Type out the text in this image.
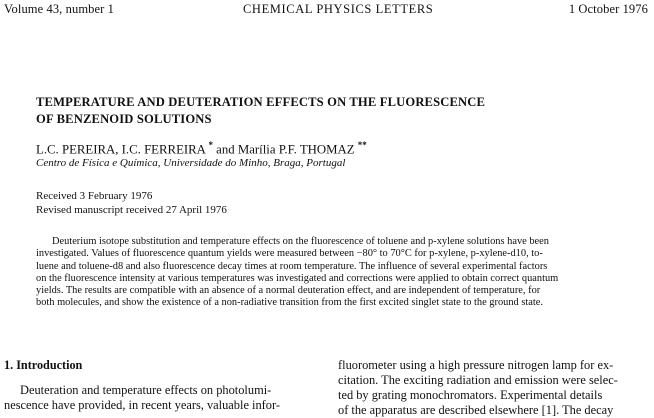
Volume 43, number 1	CHEMICAL PHYSICS LETTERS	1 October 1976
TEMPERATURE AND DEUTERATION EFFECTS ON THE FLUORESCENCE
OF BENZENOID SOLUTIONS
L.C. PEREIRA, I.C. FERREIRA * and Marília P.F. THOMAZ **
Centro de Física e Química, Universidade do Minho, Braga, Portugal
Received 3 February 1976
Revised manuscript received 27 April 1976
Deuterium isotope substitution and temperature effects on the fluorescence of toluene and p-xylene solutions have been
investigated. Values of fluorescence quantum yields were measured between −80° to 70°C for p-xylene, p-xylene-d10, to-
luene and toluene-d8 and also fluorescence decay times at room temperature. The influence of several experimental factors
on the fluorescence intensity at various temperatures was investigated and corrections were applied to obtain correct quantum
yields. The results are compatible with an absence of a normal deuteration effect, and are independent of temperature, for
both molecules, and show the existence of a non-radiative transition from the first excited singlet state to the ground state.
1. Introduction
Deuteration and temperature effects on photolumi-
nescence have provided, in recent years, valuable infor-
fluorometer using a high pressure nitrogen lamp for ex-
citation. The exciting radiation and emission were selec-
ted by grating monochromators. Experimental details
of the apparatus are described elsewhere [1]. The decay
